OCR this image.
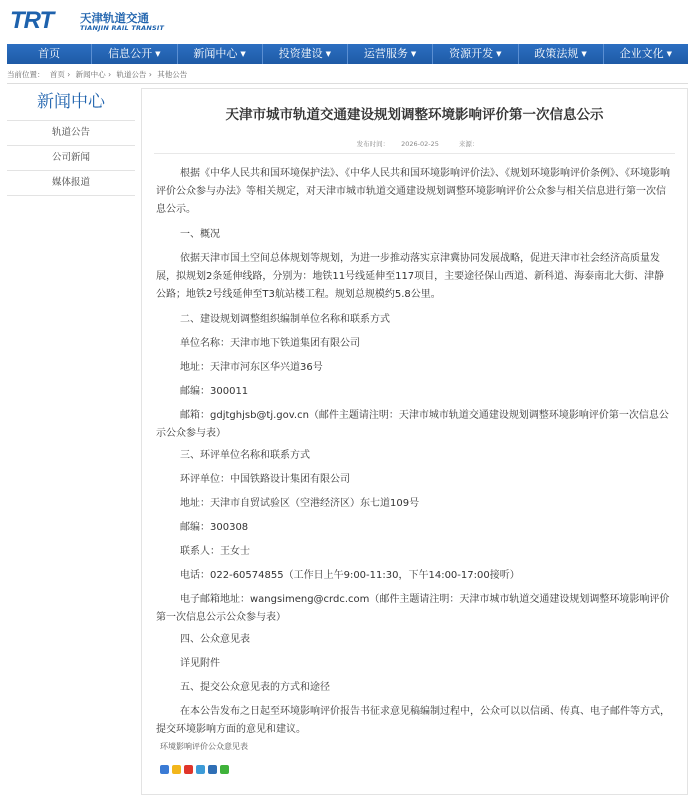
TRT 天津轨道交通
TIANJIN RAIL TRANSIT
首页	信息公开 ▼	新闻中心 ▼	投资建设 ▼	运营服务 ▼	资源开发 ▼	政策法规 ▼	企业文化 ▼
当前位置： 首页 › 新闻中心 › 轨道公告 › 其他公告
新闻中心
轨道公告
公司新闻
媒体报道
天津市城市轨道交通建设规划调整环境影响评价第一次信息公示
发布时间： 2026-02-25	来源：
根据《中华人民共和国环境保护法》、《中华人民共和国环境影响评价法》、《规划环境影响评价条例》、《环境影响评价公众参与办法》等相关规定，对天津市城市轨道交通建设规划调整环境影响评价公众参与相关信息进行第一次信息公示。
一、概况
依据天津市国土空间总体规划等规划，为进一步推动落实京津冀协同发展战略，促进天津市社会经济高质量发展，拟规划2条延伸线路，分别为：地铁11号线延伸至117项目，主要途径保山西道、新科道、海泰南北大街、津静公路；地铁2号线延伸至T3航站楼工程。规划总规模约5.8公里。
二、建设规划调整组织编制单位名称和联系方式
单位名称：天津市地下铁道集团有限公司
地址：天津市河东区华兴道36号
邮编：300011
邮箱：gdjtghjsb@tj.gov.cn（邮件主题请注明：天津市城市轨道交通建设规划调整环境影响评价第一次信息公示公众参与表）
三、环评单位名称和联系方式
环评单位：中国铁路设计集团有限公司
地址：天津市自贸试验区（空港经济区）东七道109号
邮编：300308
联系人：王女士
电话：022-60574855（工作日上午9:00-11:30，下午14:00-17:00接听）
电子邮箱地址：wangsimeng@crdc.com（邮件主题请注明：天津市城市轨道交通建设规划调整环境影响评价第一次信息公示公众参与表）
四、公众意见表
详见附件
五、提交公众意见表的方式和途径
在本公告发布之日起至环境影响评价报告书征求意见稿编制过程中，公众可以以信函、传真、电子邮件等方式，提交环境影响方面的意见和建议。
环境影响评价公众意见表
